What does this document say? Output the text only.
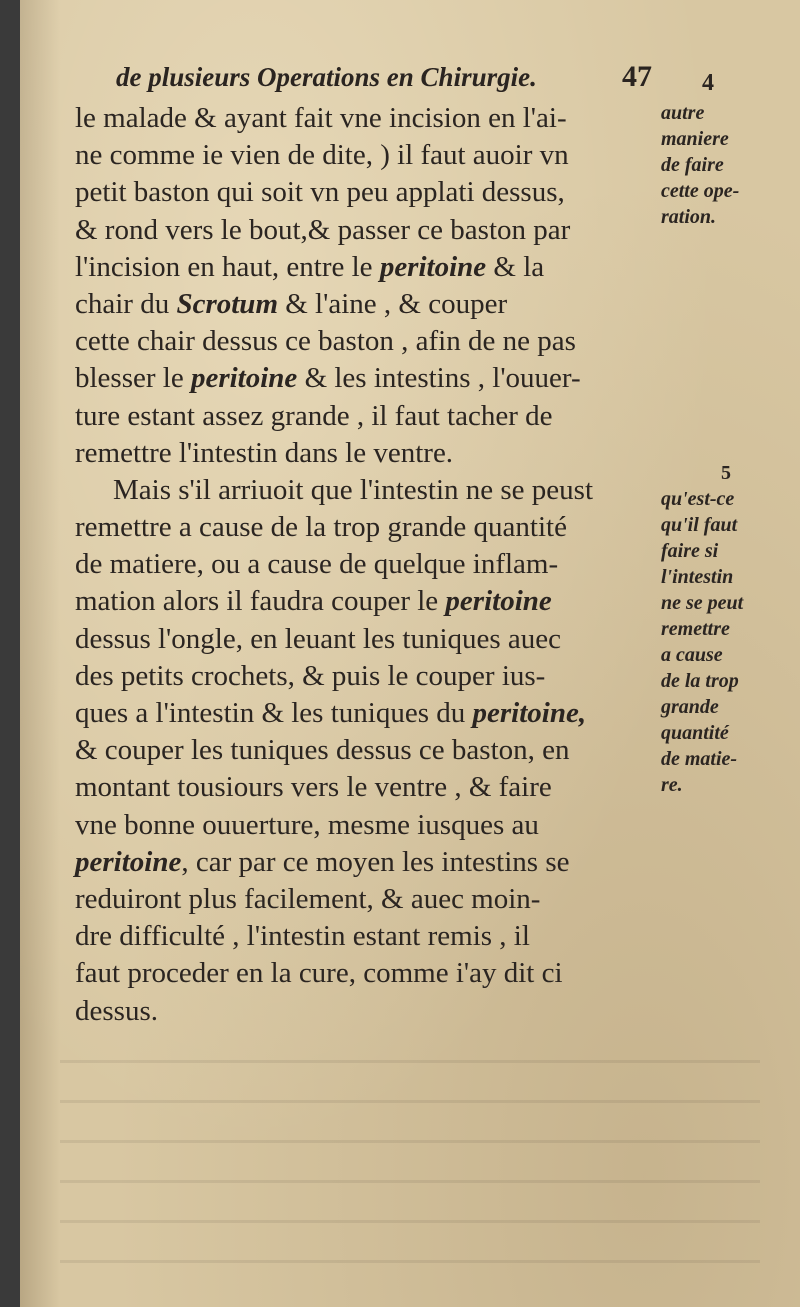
de plusieurs Operations en Chirurgie.	47
le malade & ayant fait vne incision en l'ai-
ne comme ie vien de dite, ) il faut auoir vn
petit baston qui soit vn peu applati dessus,
& rond vers le bout,& passer ce baston par
l'incision en haut, entre le peritoine & la
chair du Scrotum & l'aine , & couper
cette chair dessus ce baston , afin de ne pas
blesser le peritoine & les intestins , l'ouuer-
ture estant assez grande , il faut tacher de
remettre l'intestin dans le ventre.
Mais s'il arriuoit que l'intestin ne se peust
remettre a cause de la trop grande quantité
de matiere, ou a cause de quelque inflam-
mation alors il faudra couper le peritoine
dessus l'ongle, en leuant les tuniques auec
des petits crochets, & puis le couper ius-
ques a l'intestin & les tuniques du peritoine,
& couper les tuniques dessus ce baston, en
montant tousiours vers le ventre , & faire
vne bonne ouuerture, mesme iusques au
peritoine, car par ce moyen les intestins se
reduiront plus facilement, & auec moin-
dre difficulté , l'intestin estant remis , il
faut proceder en la cure, comme i'ay dit ci
dessus.
4
autre
maniere
de faire
cette ope-
ration.
5
qu'est-ce
qu'il faut
faire si
l'intestin
ne se peut
remettre
a cause
de la trop
grande
quantité
de matie-
re.
